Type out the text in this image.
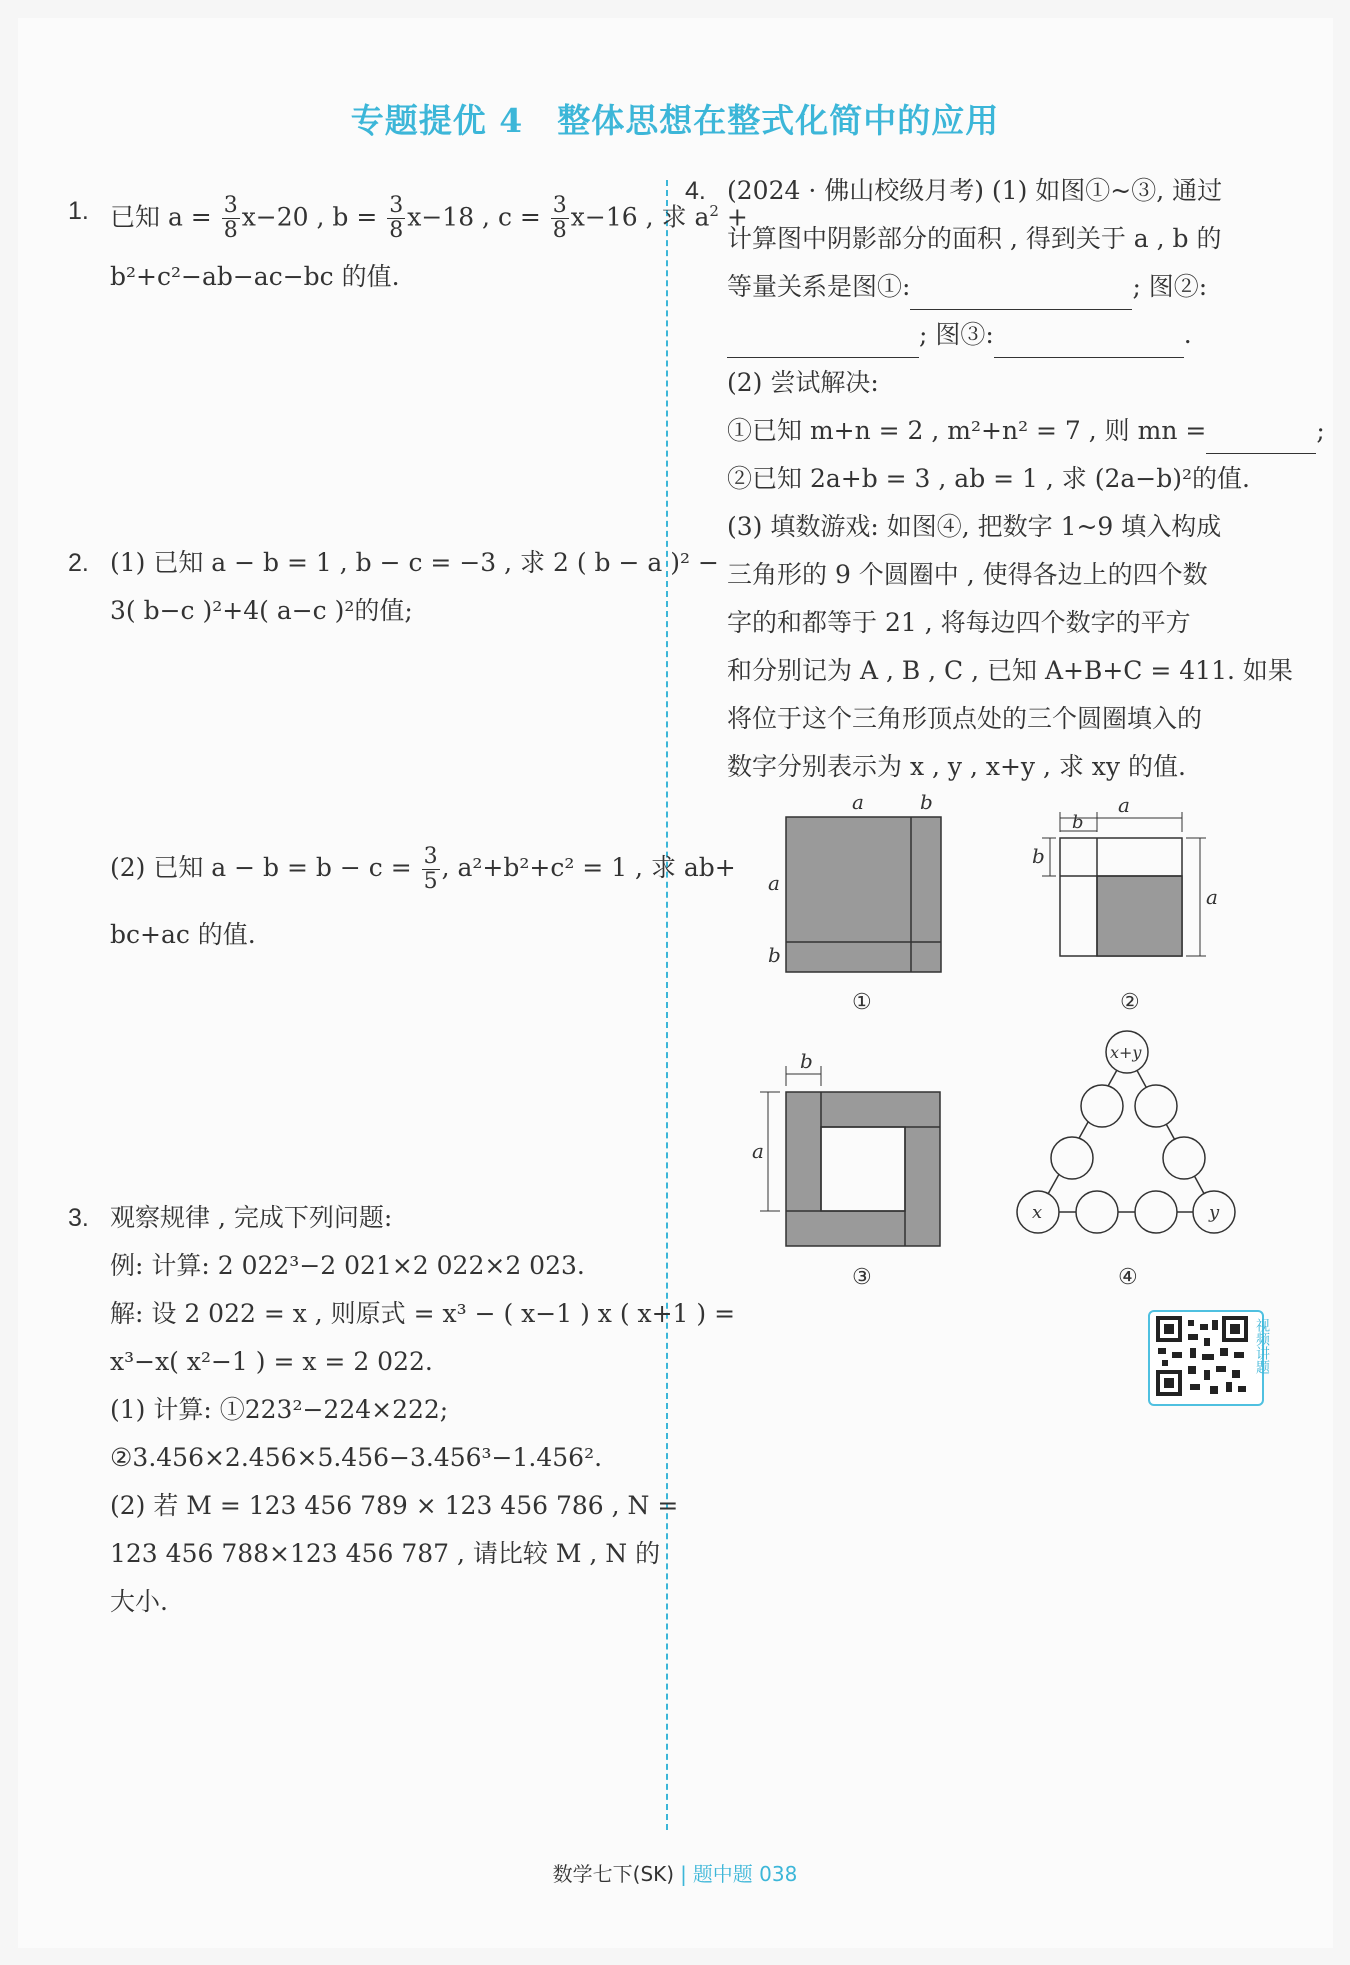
专题提优 4 整体思想在整式化简中的应用
1. 已知 $a = \frac{3}{8} x-20$ , $b = \frac{3}{8} x-18$ , $c = \frac{3}{8} x-16$ , 求 $a^2$ +
b²+c²−ab−ac−bc 的值.
2. (1) 已知 a − b = 1 , b − c = −3 , 求 2 ( b − a )² −
3( b−c )²+4( a−c )²的值;
(2) 已知 $a - b = b - c = \frac{3}{5}$ , a²+b²+c² = 1 , 求 ab+
bc+ac 的值.
3. 观察规律 , 完成下列问题:
例: 计算: 2 022³−2 021×2 022×2 023.
解: 设 2 022 = x , 则原式 = x³ − ( x−1 ) x ( x+1 ) =
x³−x( x²−1 ) = x = 2 022.
(1) 计算: ①223²−224×222;
②3.456×2.456×5.456−3.456³−1.456².
(2) 若 M = 123 456 789 × 123 456 786 , N =
123 456 788×123 456 787 , 请比较 M , N 的
大小.
4. (2024 · 佛山校级月考) (1) 如图①~③, 通过
计算图中阴影部分的面积 , 得到关于 a , b 的
等量关系是图①:	; 图②:
; 图③:	.
(2) 尝试解决:
①已知 m+n = 2 , m²+n² = 7 , 则 mn =	;
②已知 2a+b = 3 , ab = 1 , 求 (2a−b)²的值.
(3) 填数游戏: 如图④, 把数字 1~9 填入构成
三角形的 9 个圆圈中 , 使得各边上的四个数
字的和都等于 21 , 将每边四个数字的平方
和分别记为 A , B , C , 已知 A+B+C = 411. 如果
将位于这个三角形顶点处的三个圆圈填入的
数字分别表示为 x , y , x+y , 求 xy 的值.
a	b
a
b
①
a
b
b
a
②
b
a
③
x+y
x	y
④
视频讲题
数学七下(SK) | 题中题 038
